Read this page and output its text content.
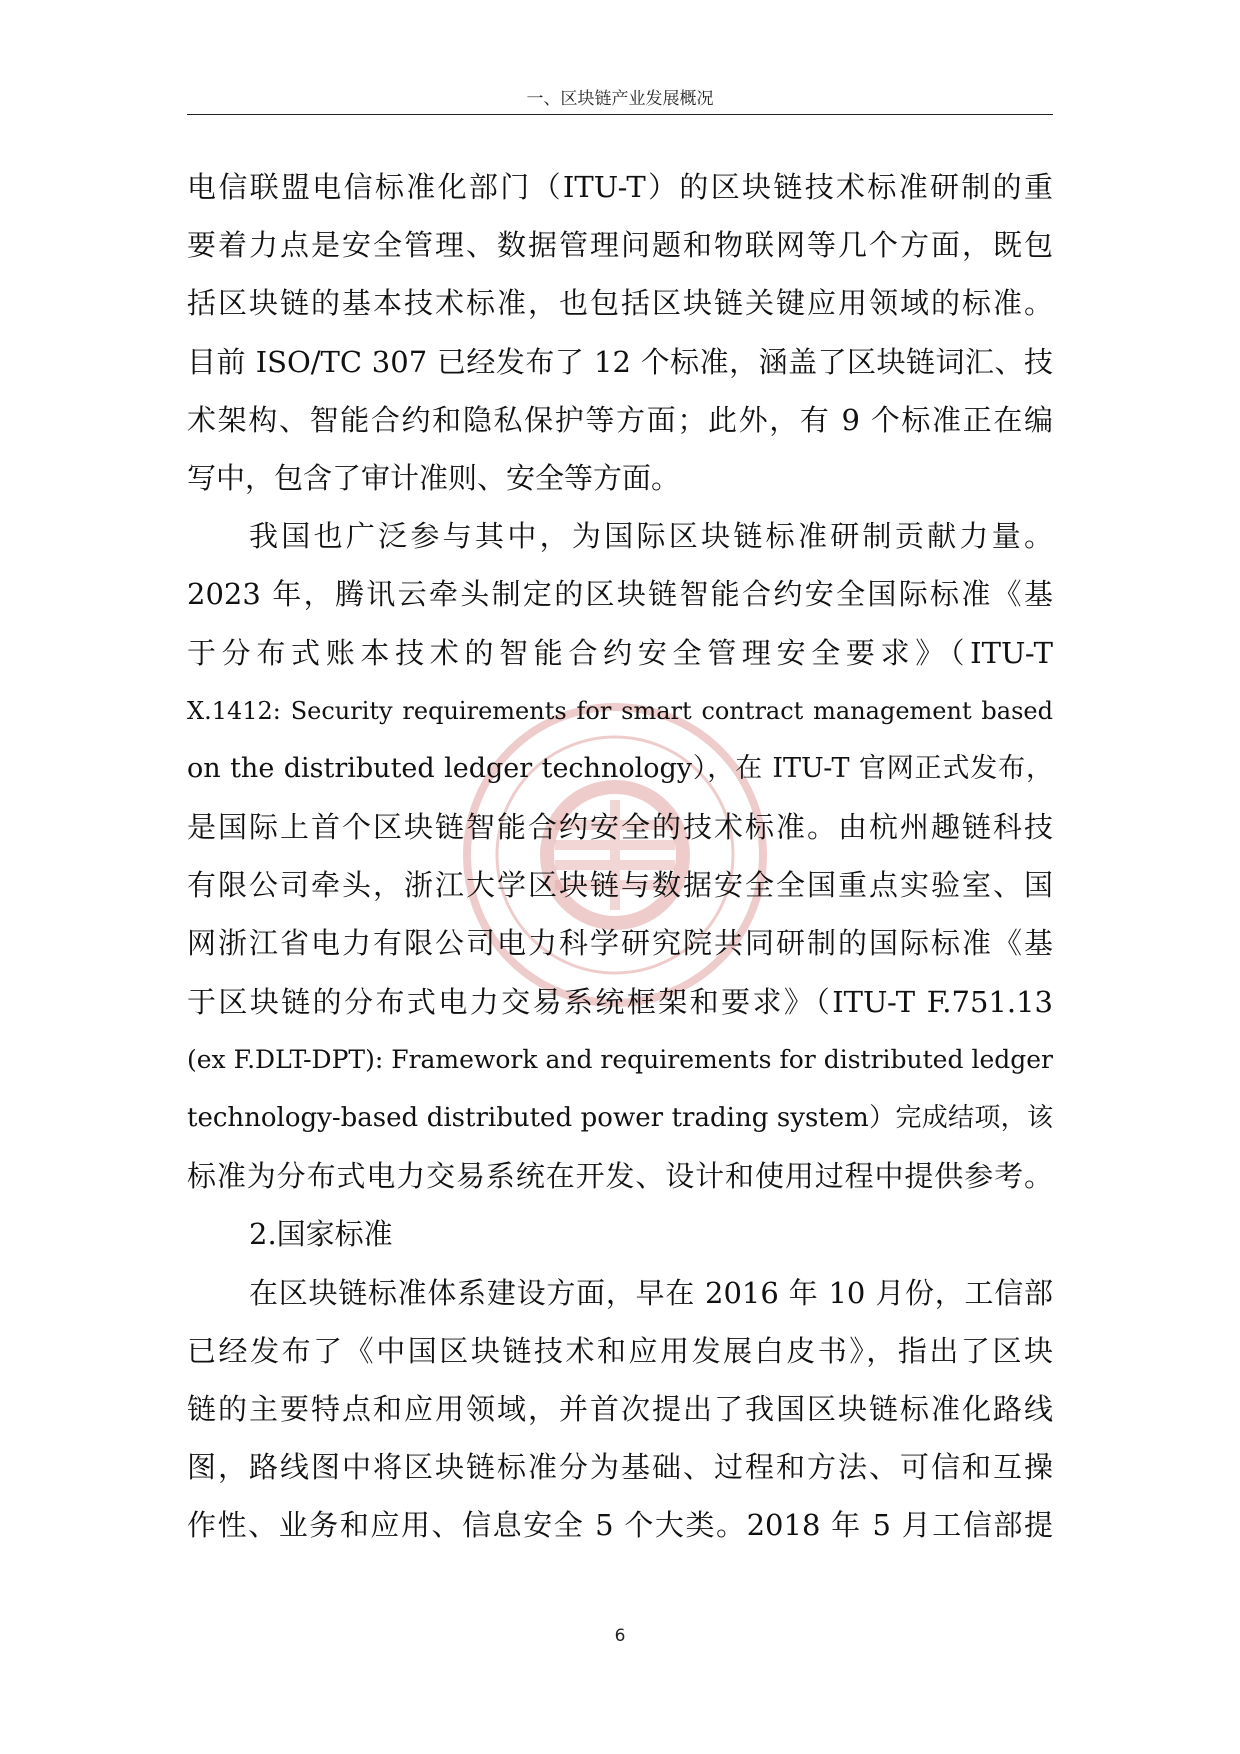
一、区块链产业发展概况
电信联盟电信标准化部门（ITU-T）的区块链技术标准研制的重
要着力点是安全管理、数据管理问题和物联网等几个方面，既包
括区块链的基本技术标准，也包括区块链关键应用领域的标准。
目前 ISO/TC 307 已经发布了 12 个标准，涵盖了区块链词汇、技
术架构、智能合约和隐私保护等方面；此外，有 9 个标准正在编
写中，包含了审计准则、安全等方面。
我国也广泛参与其中，为国际区块链标准研制贡献力量。
2023 年，腾讯云牵头制定的区块链智能合约安全国际标准《基
于分布式账本技术的智能合约安全管理安全要求》（ITU-T
X.1412: Security requirements for smart contract management based
on the distributed ledger technology），在 ITU-T 官网正式发布，
是国际上首个区块链智能合约安全的技术标准。由杭州趣链科技
有限公司牵头，浙江大学区块链与数据安全全国重点实验室、国
网浙江省电力有限公司电力科学研究院共同研制的国际标准《基
于区块链的分布式电力交易系统框架和要求》（ITU-T F.751.13
(ex F.DLT-DPT): Framework and requirements for distributed ledger
technology-based distributed power trading system）完成结项，该
标准为分布式电力交易系统在开发、设计和使用过程中提供参考。
2.国家标准
在区块链标准体系建设方面，早在 2016 年 10 月份，工信部
已经发布了《中国区块链技术和应用发展白皮书》，指出了区块
链的主要特点和应用领域，并首次提出了我国区块链标准化路线
图，路线图中将区块链标准分为基础、过程和方法、可信和互操
作性、业务和应用、信息安全 5 个大类。2018 年 5 月工信部提
6
